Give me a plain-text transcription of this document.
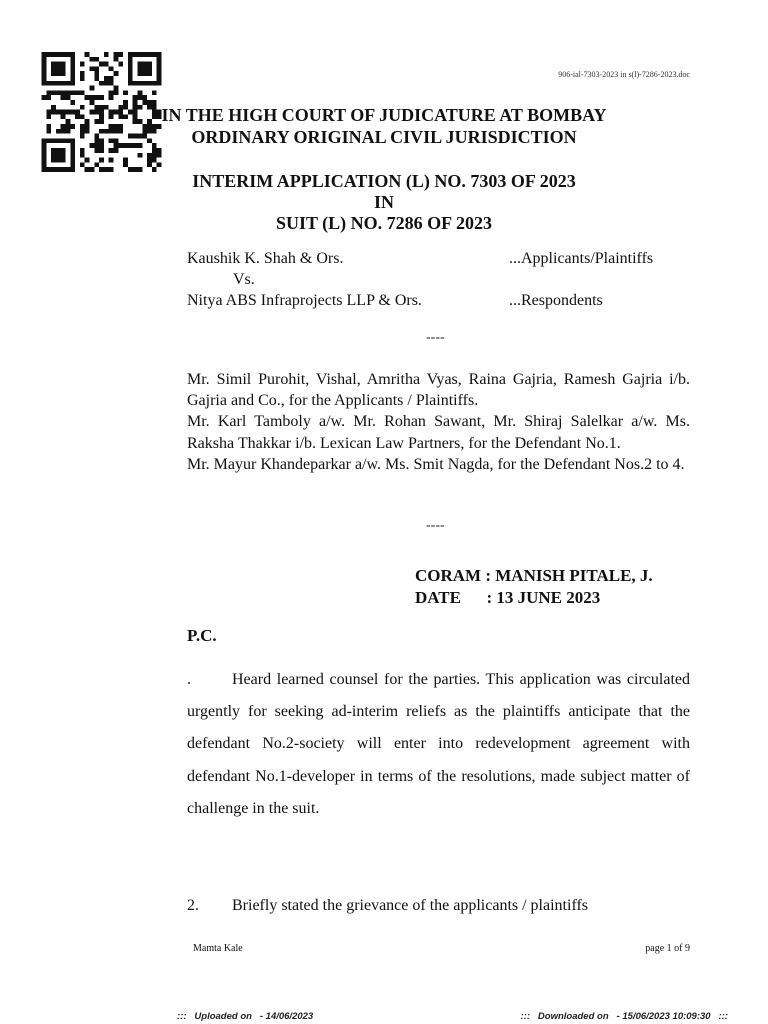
906-ial-7303-2023 in s(l)-7286-2023.doc
IN THE HIGH COURT OF JUDICATURE AT BOMBAY
ORDINARY ORIGINAL CIVIL JURISDICTION
INTERIM APPLICATION (L) NO. 7303 OF 2023
IN
SUIT (L) NO. 7286 OF 2023
Kaushik K. Shah & Ors.	...Applicants/Plaintiffs
Vs.
Nitya ABS Infraprojects LLP & Ors.	...Respondents
----

Mr. Simil Purohit, Vishal, Amritha Vyas, Raina Gajria, Ramesh Gajria i/b. Gajria and Co., for the Applicants / Plaintiffs.

Mr. Karl Tamboly a/w. Mr. Rohan Sawant, Mr. Shiraj Salelkar a/w. Ms. Raksha Thakkar i/b. Lexican Law Partners, for the Defendant No.1.

Mr. Mayur Khandeparkar a/w. Ms. Smit Nagda, for the Defendant Nos.2 to 4.

----
CORAM : MANISH PITALE, J.
DATE      : 13 JUNE 2023
P.C.
.	Heard learned counsel for the parties. This application was circulated urgently for seeking ad-interim reliefs as the plaintiffs anticipate that the defendant No.2-society will enter into redevelopment agreement with defendant No.1-developer in terms of the resolutions, made subject matter of challenge in the suit.
2. Briefly stated the grievance of the applicants / plaintiffs
Mamta Kale	page 1 of 9
:::   Uploaded on   - 14/06/2023	:::   Downloaded on   - 15/06/2023 10:09:30   :::
